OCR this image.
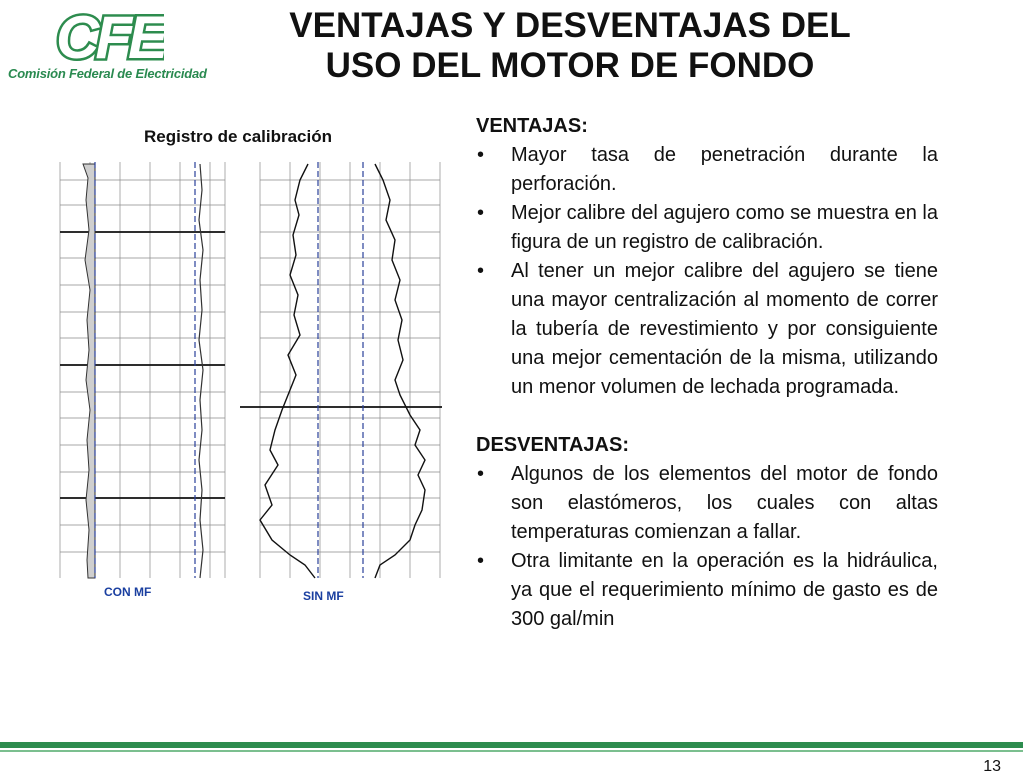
CFE
Comisión Federal de Electricidad
VENTAJAS Y DESVENTAJAS DEL
USO DEL MOTOR DE FONDO
Registro de calibración
CON MF	SIN MF

VENTAJAS:

• Mayor tasa de penetración durante la perforación.
• Mejor calibre del agujero como se muestra en la figura de un registro de calibración.
• Al tener un mejor calibre del agujero se tiene una mayor centralización al momento de correr la tubería de revestimiento y por consiguiente una mejor cementación de la misma, utilizando un menor volumen de lechada programada.

DESVENTAJAS:

• Algunos de los elementos del motor de fondo son elastómeros, los cuales con altas temperaturas comienzan a fallar.
• Otra limitante en la operación es la hidráulica, ya que el requerimiento mínimo de gasto es de 300 gal/min
13
